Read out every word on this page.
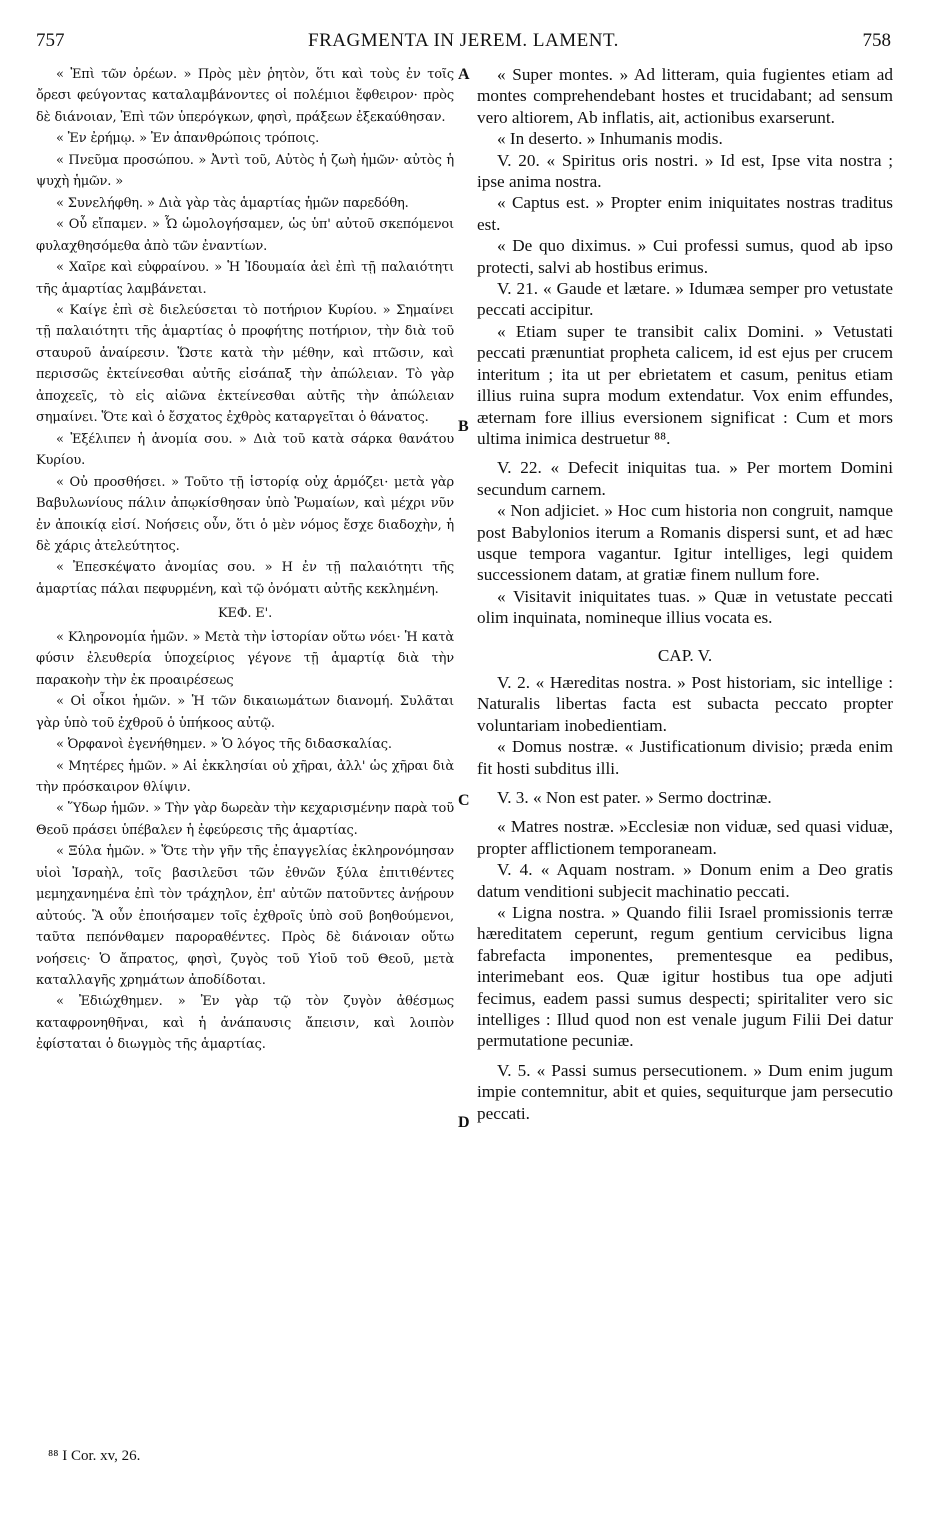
757	FRAGMENTA IN JEREM. LAMENT.	758

« Ἐπὶ τῶν ὀρέων. » Πρὸς μὲν ῥητὸν, ὅτι καὶ τοὺς ἐν τοῖς ὄρεσι φεύγοντας καταλαμβάνοντες οἱ πολέμιοι ἔφθειρον· πρὸς δὲ διάνοιαν, Ἐπὶ τῶν ὑπερόγκων, φησὶ, πράξεων ἐξεκαύθησαν.

« Ἐν ἐρήμῳ. » Ἐν ἀπανθρώποις τρόποις.

« Πνεῦμα προσώπου. » Ἀντὶ τοῦ, Αὐτὸς ἡ ζωὴ ἡμῶν· αὐτὸς ἡ ψυχὴ ἡμῶν. »

« Συνελήφθη. » Διὰ γὰρ τὰς ἁμαρτίας ἡμῶν παρεδόθη.

« Οὗ εἴπαμεν. » Ὧ ὡμολογήσαμεν, ὡς ὑπ' αὐτοῦ σκεπόμενοι φυλαχθησόμεθα ἀπὸ τῶν ἐναντίων.

« Χαῖρε καὶ εὐφραίνου. » Ἡ Ἰδουμαία ἀεὶ ἐπὶ τῇ παλαιότητι τῆς ἁμαρτίας λαμβάνεται.

« Καίγε ἐπὶ σὲ διελεύσεται τὸ ποτήριον Κυρίου. » Σημαίνει τῇ παλαιότητι τῆς ἁμαρτίας ὁ προφήτης ποτήριον, τὴν διὰ τοῦ σταυροῦ ἀναίρεσιν. Ὥστε κατὰ τὴν μέθην, καὶ πτῶσιν, καὶ περισσῶς ἐκτείνεσθαι αὐτῆς εἰσάπαξ τὴν ἀπώλειαν. Τὸ γὰρ ἀποχεεῖς, τὸ εἰς αἰῶνα ἐκτείνεσθαι αὐτῆς τὴν ἀπώλειαν σημαίνει. Ὅτε καὶ ὁ ἔσχατος ἐχθρὸς καταργεῖται ὁ θάνατος.

« Ἐξέλιπεν ἡ ἀνομία σου. » Διὰ τοῦ κατὰ σάρκα θανάτου Κυρίου.

« Οὐ προσθήσει. » Τοῦτο τῇ ἱστορίᾳ οὐχ ἁρμόζει· μετὰ γὰρ Βαβυλωνίους πάλιν ἀπῳκίσθησαν ὑπὸ Ῥωμαίων, καὶ μέχρι νῦν ἐν ἀποικίᾳ εἰσί. Νοήσεις οὖν, ὅτι ὁ μὲν νόμος ἔσχε διαδοχὴν, ἡ δὲ χάρις ἀτελεύτητος.

« Ἐπεσκέψατο ἀνομίας σου. » Η ἐν τῇ παλαιότητι τῆς ἁμαρτίας πάλαι πεφυρμένη, καὶ τῷ ὀνόματι αὐτῆς κεκλημένη.

ΚΕΦ. Ε'.

« Κληρονομία ἡμῶν. » Μετὰ τὴν ἱστορίαν οὕτω νόει· Ἡ κατὰ φύσιν ἐλευθερία ὑποχείριος γέγονε τῇ ἁμαρτίᾳ διὰ τὴν παρακοὴν τὴν ἐκ προαιρέσεως

« Οἱ οἶκοι ἡμῶν. » Ἡ τῶν δικαιωμάτων διανομή. Συλᾶται γὰρ ὑπὸ τοῦ ἐχθροῦ ὁ ὑπήκοος αὐτῷ.

« Ὀρφανοὶ ἐγενήθημεν. » Ὁ λόγος τῆς διδασκαλίας.

« Μητέρες ἡμῶν. » Αἱ ἐκκλησίαι οὐ χῆραι, ἀλλ' ὡς χῆραι διὰ τὴν πρόσκαιρον θλίψιν.

« Ὕδωρ ἡμῶν. » Τὴν γὰρ δωρεὰν τὴν κεχαρισμένην παρὰ τοῦ Θεοῦ πράσει ὑπέβαλεν ἡ ἐφεύρεσις τῆς ἁμαρτίας.

« Ξύλα ἡμῶν. » Ὅτε τὴν γῆν τῆς ἐπαγγελίας ἐκληρονόμησαν υἱοὶ Ἰσραὴλ, τοῖς βασιλεῦσι τῶν ἐθνῶν ξύλα ἐπιτιθέντες μεμηχανημένα ἐπὶ τὸν τράχηλον, ἐπ' αὐτῶν πατοῦντες ἀνῄρουν αὐτούς. Ἃ οὖν ἐποιήσαμεν τοῖς ἐχθροῖς ὑπὸ σοῦ βοηθούμενοι, ταῦτα πεπόνθαμεν παροραθέντες. Πρὸς δὲ διάνοιαν οὕτω νοήσεις· Ὁ ἄπρατος, φησὶ, ζυγὸς τοῦ Υἱοῦ τοῦ Θεοῦ, μετὰ καταλλαγῆς χρημάτων ἀποδίδοται.

« Ἐδιώχθημεν. » Ἐν γὰρ τῷ τὸν ζυγὸν ἀθέσμως καταφρονηθῆναι, καὶ ἡ ἀνάπαυσις ἄπεισιν, καὶ λοιπὸν ἐφίσταται ὁ διωγμὸς τῆς ἁμαρτίας.

« Super montes. » Ad litteram, quia fugientes etiam ad montes comprehendebant hostes et trucidabant; ad sensum vero altiorem, Ab inflatis, ait, actionibus exarserunt.

« In deserto. » Inhumanis modis.

V. 20. « Spiritus oris nostri. » Id est, Ipse vita nostra ; ipse anima nostra.

« Captus est. » Propter enim iniquitates nostras traditus est.

« De quo diximus. » Cui professi sumus, quod ab ipso protecti, salvi ab hostibus erimus.

V. 21. « Gaude et lætare. » Idumæa semper pro vetustate peccati accipitur.

« Etiam super te transibit calix Domini. » Vetustati peccati prænuntiat propheta calicem, id est ejus per crucem interitum ; ita ut per ebrietatem et casum, penitus etiam illius ruina supra modum extendatur. Vox enim effundes, æternam fore illius eversionem significat : Cum et mors ultima inimica destruetur ⁸⁸.

V. 22. « Defecit iniquitas tua. » Per mortem Domini secundum carnem.

« Non adjiciet. » Hoc cum historia non congruit, namque post Babylonios iterum a Romanis dispersi sunt, et ad hæc usque tempora vagantur. Igitur intelliges, legi quidem successionem datam, at gratiæ finem nullum fore.

« Visitavit iniquitates tuas. » Quæ in vetustate peccati olim inquinata, nomineque illius vocata es.

CAP. V.

V. 2. « Hæreditas nostra. » Post historiam, sic intellige : Naturalis libertas facta est subacta peccato propter voluntariam inobedientiam.

« Domus nostræ. « Justificationum divisio; præda enim fit hosti subditus illi.

V. 3. « Non est pater. » Sermo doctrinæ.

« Matres nostræ. »Ecclesiæ non viduæ, sed quasi viduæ, propter afflictionem temporaneam.

V. 4. « Aquam nostram. » Donum enim a Deo gratis datum venditioni subjecit machinatio peccati.

« Ligna nostra. » Quando filii Israel promissionis terræ hæreditatem ceperunt, regum gentium cervicibus ligna fabrefacta imponentes, prementesque ea pedibus, interimebant eos. Quæ igitur hostibus tua ope adjuti fecimus, eadem passi sumus despecti; spiritaliter vero sic intelliges : Illud quod non est venale jugum Filii Dei datur permutatione pecuniæ.

V. 5. « Passi sumus persecutionem. » Dum enim jugum impie contemnitur, abit et quies, sequiturque jam persecutio peccati.

A
B
C
D
⁸⁸ I Cor. xv, 26.
